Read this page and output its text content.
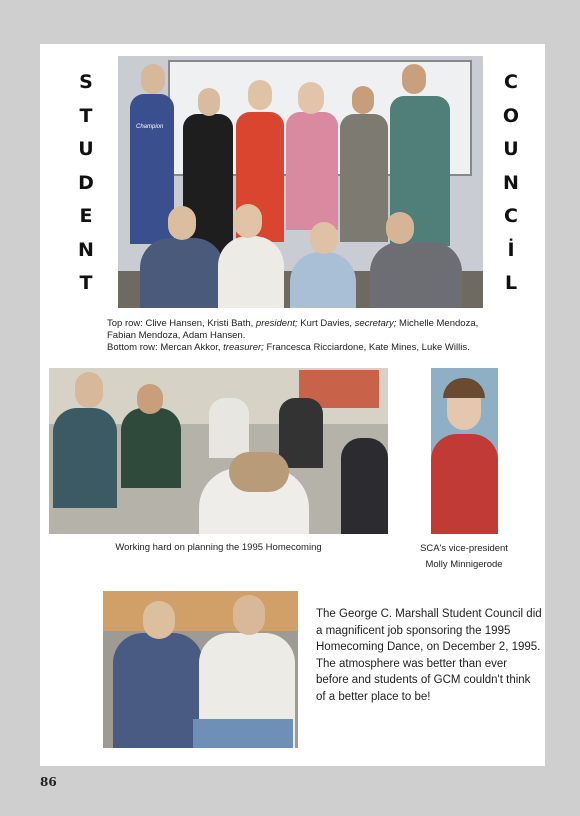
S
T
U
D
E
N
T
C
O
U
N
C
İ
L
Champion
Top row: Clive Hansen, Kristi Bath, president; Kurt Davies, secretary; Michelle Mendoza,
Fabian Mendoza, Adam Hansen.
Bottom row: Mercan Akkor, treasurer; Francesca Ricciardone, Kate Mines, Luke Willis.
Working hard on planning the 1995 Homecoming	SCA's vice-president
Molly Minnigerode
The George C. Marshall Student Council did a magnificent job sponsoring the 1995 Homecoming Dance, on December 2, 1995. The atmosphere was better than ever before and students of GCM couldn't think of a better place to be!
86
